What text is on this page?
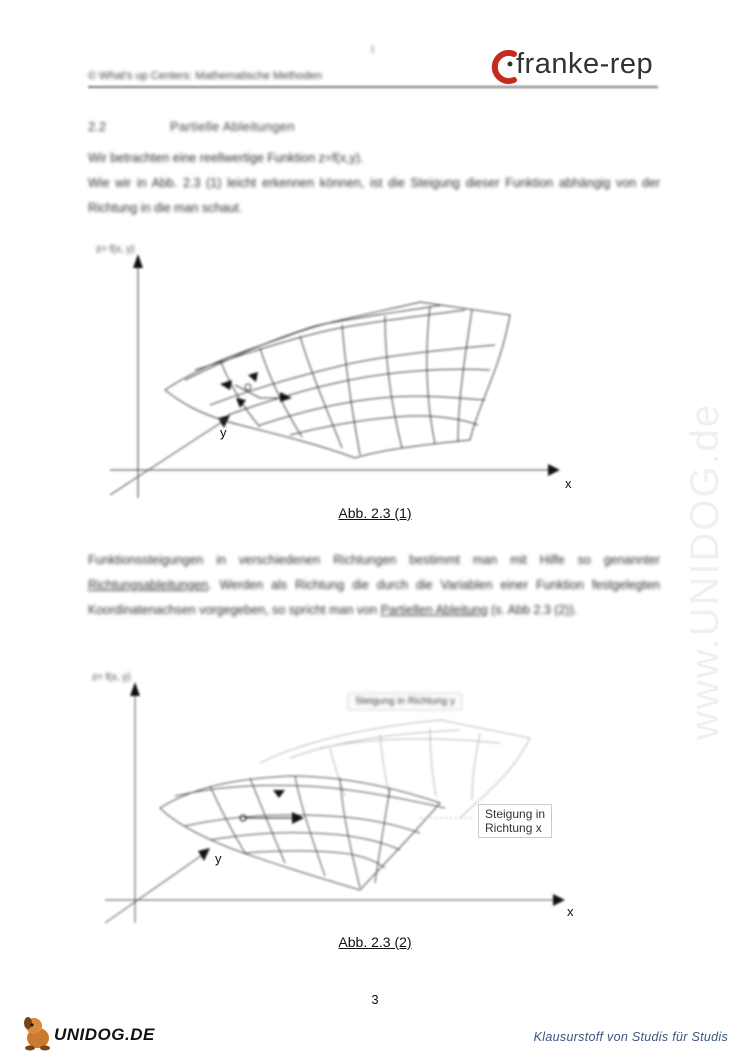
1
© What's up Centers: Mathematische Methoden	franke-rep
2.2	Partielle Ableitungen
Wir betrachten eine reellwertige Funktion z=f(x,y).
Wie wir in Abb. 2.3 (1) leicht erkennen können, ist die Steigung dieser Funktion abhängig von der Richtung in die man schaut.
z= f(x, y)
y
x
Abb. 2.3 (1)
Funktionssteigungen in verschiedenen Richtungen bestimmt man mit Hilfe so genannter Richtungsableitungen. Werden als Richtung die durch die Variablen einer Funktion festgelegten Koordinatenachsen vorgegeben, so spricht man von Partiellen Ableitung (s. Abb 2.3 (2)).
z= f(x, y)
y
x
Steigung in Richtung y
Steigung in
Richtung x
Abb. 2.3 (2)
3
www.UNIDOG.de
UNIDOG.DE	Klausurstoff von Studis für Studis
